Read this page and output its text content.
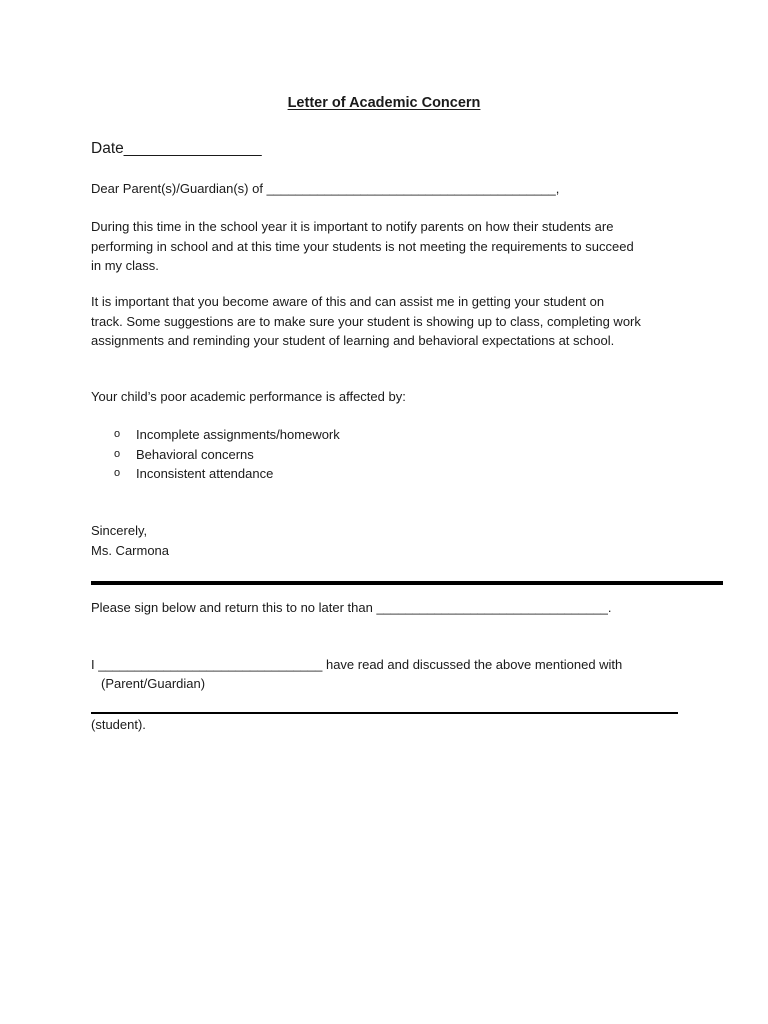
Letter of Academic Concern
Date________________
Dear Parent(s)/Guardian(s) of ________________________________________,
During this time in the school year it is important to notify parents on how their students are
performing in school and at this time your students is not meeting the requirements to succeed
in my class.
It is important that you become aware of this and can assist me in getting your student on
track. Some suggestions are to make sure your student is showing up to class, completing work
assignments and reminding your student of learning and behavioral expectations at school.
Your child’s poor academic performance is affected by:
o Incomplete assignments/homework
o Behavioral concerns
o Inconsistent attendance
Sincerely,
Ms. Carmona
Please sign below and return this to no later than ________________________________.
I _______________________________ have read and discussed the above mentioned with
(Parent/Guardian)
(student).
